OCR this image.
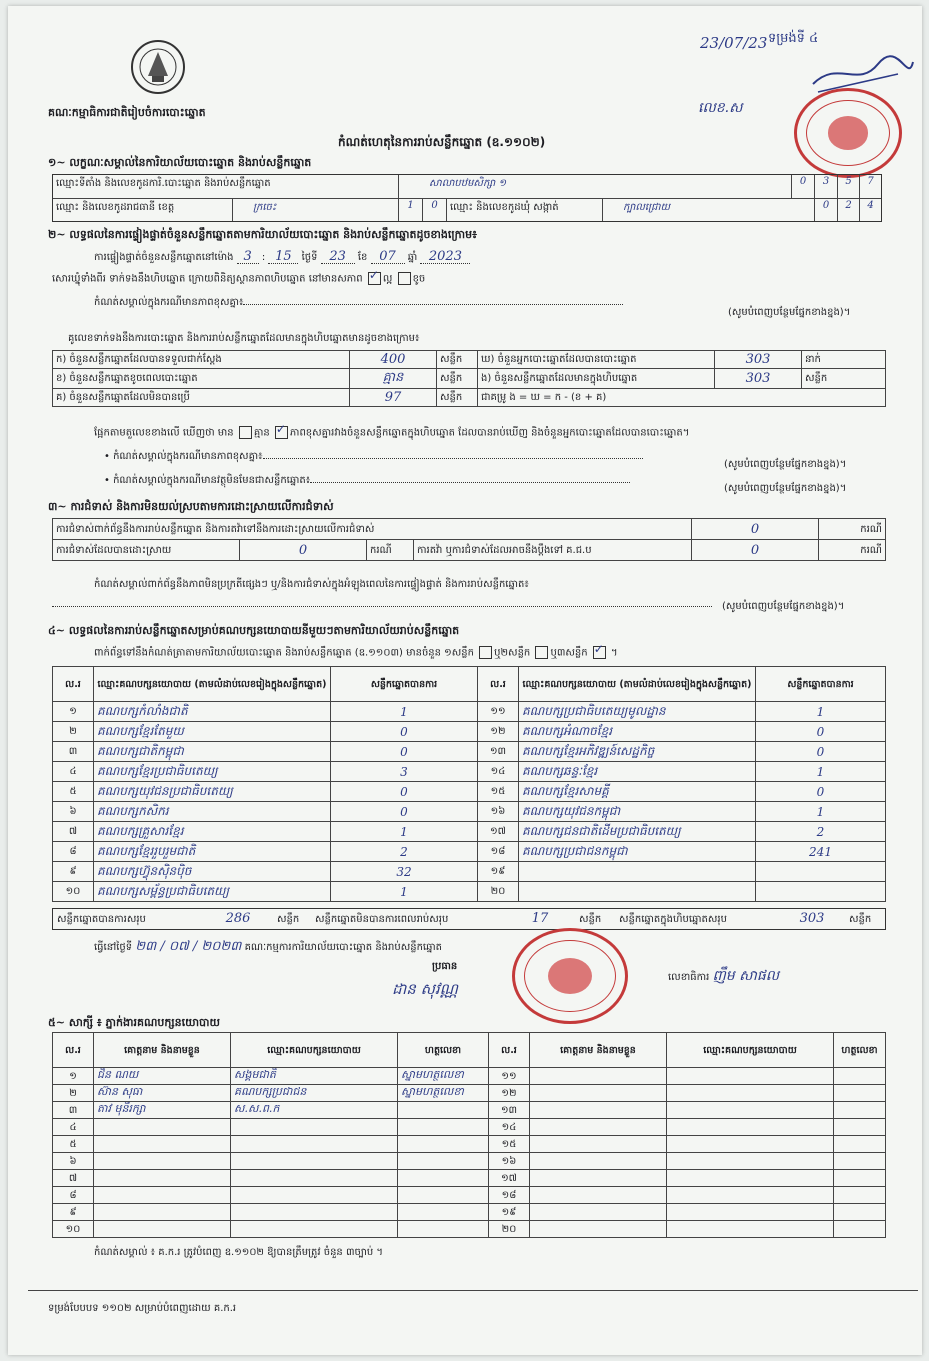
គណៈកម្មាធិការជាតិរៀបចំការបោះឆ្នោត
23/07/23 ទម្រង់ទី ៤
លេខ.ស
កំណត់ហេតុនៃការរាប់សន្លឹកឆ្នោត (ឧ.១១០២)
១~ លក្ខណៈសម្គាល់នៃការិយាល័យបោះឆ្នោត និងរាប់សន្លឹកឆ្នោត
ឈ្មោះទីតាំង និងលេខកូដការិ.បោះឆ្នោត និងរាប់សន្លឹកឆ្នោត	សាលាបឋមសិក្សា ១	0	3	5	7
ឈ្មោះ និងលេខកូដរាជធានី ខេត្ត	ក្រចេះ	1	0	ឈ្មោះ និងលេខកូដឃុំ សង្កាត់	ក្បាលជ្រោយ	0	2	4
២~ លទ្ធផលនៃការផ្ទៀងផ្ទាត់ចំនួនសន្លឹកឆ្នោតតាមការិយាល័យបោះឆ្នោត និងរាប់សន្លឹកឆ្នោតដូចខាងក្រោម៖
ការផ្ទៀងផ្ទាត់ចំនួនសន្លឹកឆ្នោតនៅម៉ោង 3 : 15 ថ្ងៃទី 23 ខែ 07 ឆ្នាំ 2023
សោរឃ្នុំទាំងពីរ ទាក់ទងនឹងហិបឆ្នោត ក្រោយពិនិត្យស្ថានភាពហិបឆ្នោត នៅមានសភាព ✓ ល្អ ខូច
កំណត់សម្គាល់ក្នុងករណីមានភាពខុសគ្នា៖
(សូមបំពេញបន្ថែមផ្នែកខាងខ្នង)។
គូលេខទាក់ទងនឹងការបោះឆ្នោត និងការរាប់សន្លឹកឆ្នោតដែលមានក្នុងហិបឆ្នោតមានដូចខាងក្រោម៖
ក) ចំនួនសន្លឹកឆ្នោតដែលបានទទួលជាក់ស្តែង	400	សន្លឹក	ឃ) ចំនួនអ្នកបោះឆ្នោតដែលបានបោះឆ្នោត	303	នាក់
ខ) ចំនួនសន្លឹកឆ្នោតខូចពេលបោះឆ្នោត	គ្មាន	សន្លឹក	ង) ចំនួនសន្លឹកឆ្នោតដែលមានក្នុងហិបឆ្នោត	303	សន្លឹក
គ) ចំនួនសន្លឹកឆ្នោតដែលមិនបានប្រើ	97	សន្លឹក	ជាគម្រូ ង = ឃ = ក - (ខ + គ)		
ផ្អែកតាមតួលេខខាងលើ ឃើញថា មាន គ្មាន ✓ ភាពខុសគ្នារវាងចំនួនសន្លឹកឆ្នោតក្នុងហិបឆ្នោត ដែលបានរាប់ឃើញ និងចំនួនអ្នកបោះឆ្នោតដែលបានបោះឆ្នោត។
• កំណត់សម្គាល់ក្នុងករណីមានភាពខុសគ្នា៖
(សូមបំពេញបន្ថែមផ្នែកខាងខ្នង)។
• កំណត់សម្គាល់ក្នុងករណីមានវត្ថុមិនមែនជាសន្លឹកឆ្នោត៖
(សូមបំពេញបន្ថែមផ្នែកខាងខ្នង)។
៣~ ការជំទាស់ និងការមិនយល់ស្របតាមការដោះស្រាយលើការជំទាស់
ការជំទាស់ពាក់ព័ន្ធនឹងការរាប់សន្លឹកឆ្នោត និងការតវ៉ាទៅនឹងការដោះស្រាយលើការជំទាស់				0	ករណី
ការជំទាស់ដែលបានដោះស្រាយ	0	ករណី	ការតវ៉ា ឬការជំទាស់ដែលអាចនឹងប្តឹងទៅ គ.ជ.ប	0	ករណី
កំណត់សម្គាល់ពាក់ព័ន្ធនឹងភាពមិនប្រក្រតីផ្សេងៗ ឬ/និងការជំទាស់ក្នុងអំឡុងពេលនៃការផ្ទៀងផ្ទាត់ និងការរាប់សន្លឹកឆ្នោត៖
(សូមបំពេញបន្ថែមផ្នែកខាងខ្នង)។
៤~ លទ្ធផលនៃការរាប់សន្លឹកឆ្នោតសម្រាប់គណបក្សនយោបាយនីមួយៗតាមការិយាល័យរាប់សន្លឹកឆ្នោត
ពាក់ព័ន្ធទៅនឹងកំណត់ត្រាតាមការិយាល័យបោះឆ្នោត និងរាប់សន្លឹកឆ្នោត (ឧ.១១០៣) មានចំនួន ១សន្លឹក ឬ២សន្លឹក ឬ៣សន្លឹក ✓ ។
ល.រ	ឈ្មោះគណបក្សនយោបាយ (តាមលំដាប់លេខរៀងក្នុងសន្លឹកឆ្នោត)	សន្លឹកឆ្នោតបានការ	ល.រ	ឈ្មោះគណបក្សនយោបាយ (តាមលំដាប់លេខរៀងក្នុងសន្លឹកឆ្នោត)	សន្លឹកឆ្នោតបានការ
១	គណបក្សកំលាំងជាតិ	1	១១	គណបក្សប្រជាធិបតេយ្យមូលដ្ឋាន	1
២	គណបក្សខ្មែរតែមួយ	0	១២	គណបក្សអំណាចខ្មែរ	0
៣	គណបក្សជាតិកម្ពុជា	0	១៣	គណបក្សខ្មែរអភិវឌ្ឍន៍សេដ្ឋកិច្ច	0
៤	គណបក្សខ្មែរប្រជាធិបតេយ្យ	3	១៤	គណបក្សឆន្ទៈខ្មែរ	1
៥	គណបក្សយុវជនប្រជាធិបតេយ្យ	0	១៥	គណបក្សខ្មែរសាមគ្គី	0
៦	គណបក្សកសិករ	0	១៦	គណបក្សយុវជនកម្ពុជា	1
៧	គណបក្សគ្រួសារខ្មែរ	1	១៧	គណបក្សជនជាតិដើមប្រជាធិបតេយ្យ	2
៨	គណបក្សខ្មែររួបរួមជាតិ	2	១៨	គណបក្សប្រជាជនកម្ពុជា	241
៩	គណបក្សហ៊្វុនស៊ិនប៉ិច	32	១៩		
១០	គណបក្សសម្ព័ន្ធប្រជាធិបតេយ្យ	1	២០		
សន្លឹកឆ្នោតបានការសរុប	286	សន្លឹក សន្លឹកឆ្នោតមិនបានការពេលរាប់សរុប	17	សន្លឹក សន្លឹកឆ្នោតក្នុងហិបឆ្នោតសរុប	303	សន្លឹក
ធ្វើនៅថ្ងៃទី ២៣ / ០៧ / ២០២៣ គណៈកម្មការការិយាល័យបោះឆ្នោត និងរាប់សន្លឹកឆ្នោត
ប្រធាន
ដាន សុវណ្ណ
លេខាធិការ ញឹម សាផល
៥~ សាក្សី ៖ ភ្នាក់ងារគណបក្សនយោបាយ
ល.រ	គោត្តនាម និងនាមខ្លួន	ឈ្មោះគណបក្សនយោបាយ	ហត្ថលេខា	ល.រ	គោត្តនាម និងនាមខ្លួន	ឈ្មោះគណបក្សនយោបាយ	ហត្ថលេខា
១	ជិន ណយ	សង្គមជាតិ	ស្នាមហត្ថលេខា	១១			
២	ស៊ាន សុធា	គណបក្សប្រជាជន	ស្នាមហត្ថលេខា	១២			
៣	តាវ មុនីរក្សា	ស.ស.ព.ក		១៣			
៤				១៤			
៥				១៥			
៦				១៦			
៧				១៧			
៨				១៨			
៩				១៩			
១០				២០			
កំណត់សម្គាល់ ៖ គ.ក.រ ត្រូវបំពេញ ឧ.១១០២ ឱ្យបានត្រឹមត្រូវ ចំនួន ៣ច្បាប់ ។
ទម្រង់បែបបទ ១១០២ សម្រាប់បំពេញដោយ គ.ក.រ
